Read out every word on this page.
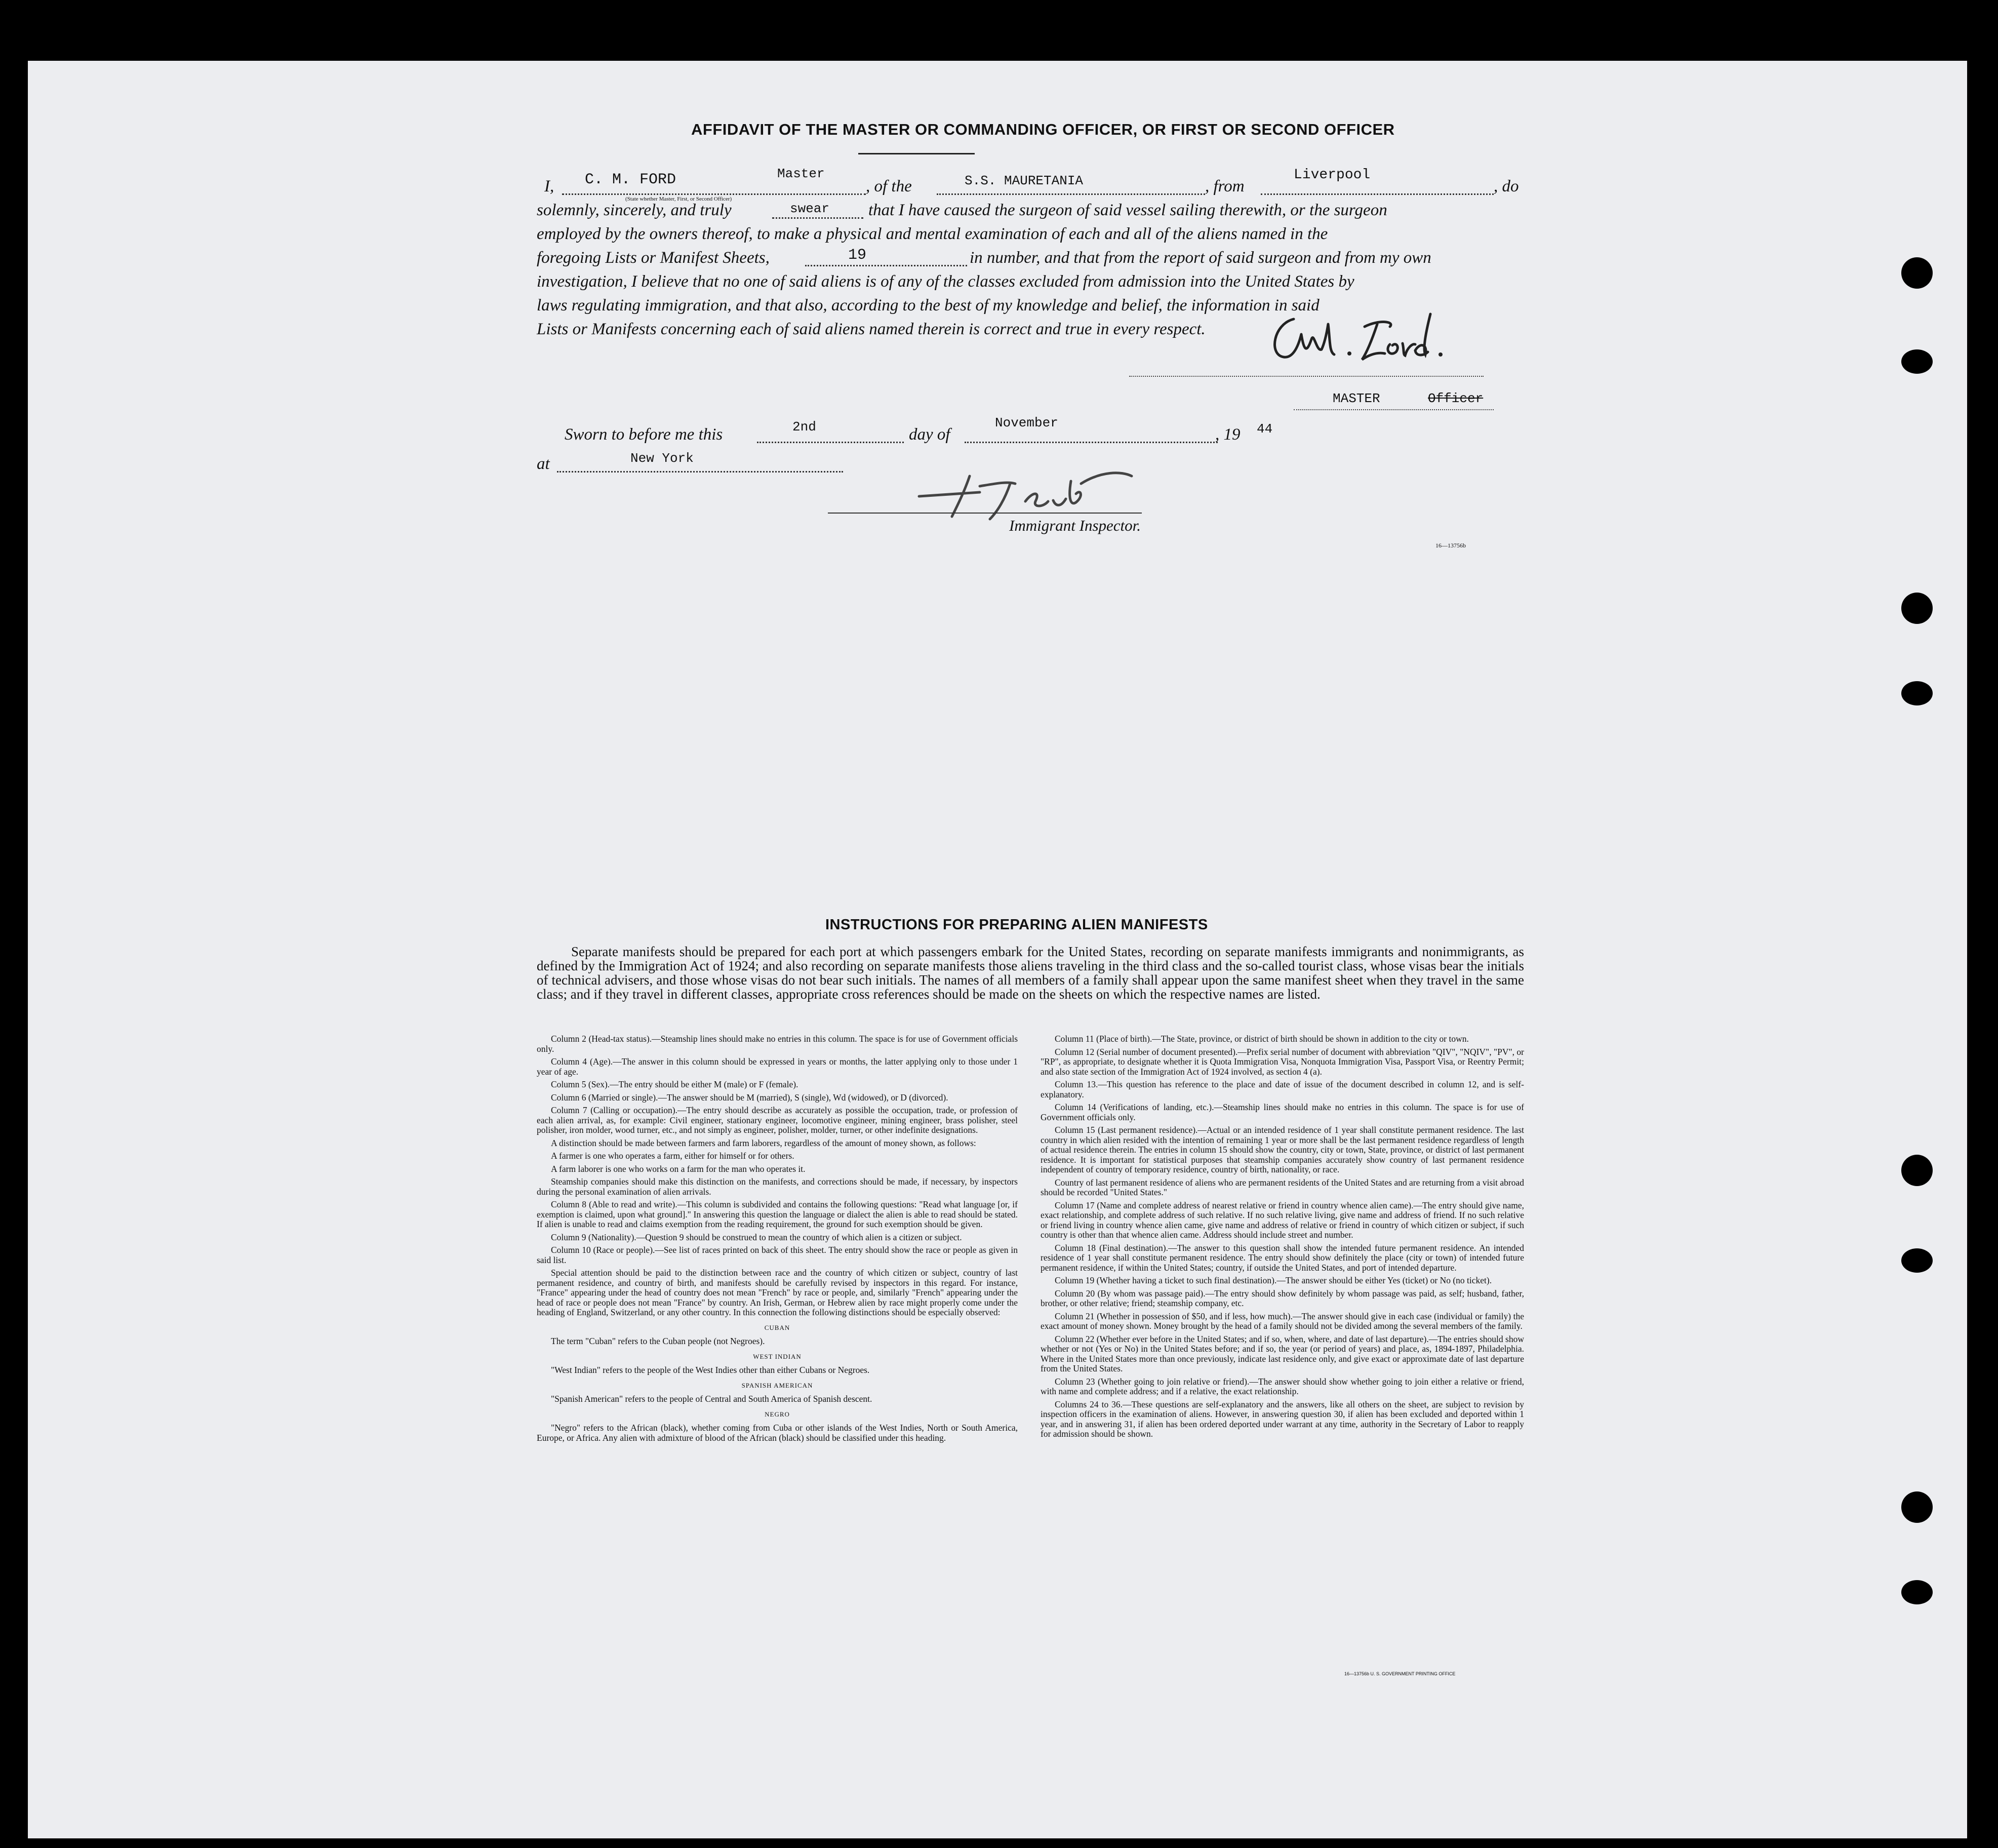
AFFIDAVIT OF THE MASTER OR COMMANDING OFFICER, OR FIRST OR SECOND OFFICER
I, C. M. FORD	Master
(State whether Master, First, or Second Officer)
, of the	S.S. MAURETANIA	, from
Liverpool
, do
solemnly, sincerely, and truly	swear that I have caused the surgeon of said vessel sailing therewith, or the surgeon
employed by the owners thereof, to make a physical and mental examination of each and all of the aliens named in the
foregoing Lists or Manifest Sheets,	19	in number, and that from the report of said surgeon and from my own
investigation, I believe that no one of said aliens is of any of the classes excluded from admission into the United States by
laws regulating immigration, and that also, according to the best of my knowledge and belief, the information in said
Lists or Manifests concerning each of said aliens named therein is correct and true in every respect.
MASTER	Officer
Sworn to before me this	2nd	day of
November
, 19 44
at	New York
Immigrant Inspector.
16—13756b
INSTRUCTIONS FOR PREPARING ALIEN MANIFESTS

Separate manifests should be prepared for each port at which passengers embark for the United States, recording on separate manifests immigrants and nonimmigrants, as defined by the Immigration Act of 1924; and also recording on separate manifests those aliens traveling in the third class and the so-called tourist class, whose visas bear the initials of technical advisers, and those whose visas do not bear such initials. The names of all members of a family shall appear upon the same manifest sheet when they travel in the same class; and if they travel in different classes, appropriate cross references should be made on the sheets on which the respective names are listed.

Column 2 (Head-tax status).—Steamship lines should make no entries in this column. The space is for use of Government officials only.

Column 4 (Age).—The answer in this column should be expressed in years or months, the latter applying only to those under 1 year of age.

Column 5 (Sex).—The entry should be either M (male) or F (female).

Column 6 (Married or single).—The answer should be M (married), S (single), Wd (widowed), or D (divorced).

Column 7 (Calling or occupation).—The entry should describe as accurately as possible the occupation, trade, or profession of each alien arrival, as, for example: Civil engineer, stationary engineer, locomotive engineer, mining engineer, brass polisher, steel polisher, iron molder, wood turner, etc., and not simply as engineer, polisher, molder, turner, or other indefinite designations.

A distinction should be made between farmers and farm laborers, regardless of the amount of money shown, as follows:

A farmer is one who operates a farm, either for himself or for others.

A farm laborer is one who works on a farm for the man who operates it.

Steamship companies should make this distinction on the manifests, and corrections should be made, if necessary, by inspectors during the personal examination of alien arrivals.

Column 8 (Able to read and write).—This column is subdivided and contains the following questions: "Read what language [or, if exemption is claimed, upon what ground]." In answering this question the language or dialect the alien is able to read should be stated. If alien is unable to read and claims exemption from the reading requirement, the ground for such exemption should be given.

Column 9 (Nationality).—Question 9 should be construed to mean the country of which alien is a citizen or subject.

Column 10 (Race or people).—See list of races printed on back of this sheet. The entry should show the race or people as given in said list.

Special attention should be paid to the distinction between race and the country of which citizen or subject, country of last permanent residence, and country of birth, and manifests should be carefully revised by inspectors in this regard. For instance, "France" appearing under the head of country does not mean "French" by race or people, and, similarly "French" appearing under the head of race or people does not mean "France" by country. An Irish, German, or Hebrew alien by race might properly come under the heading of England, Switzerland, or any other country. In this connection the following distinctions should be especially observed:

CUBAN

The term "Cuban" refers to the Cuban people (not Negroes).

WEST INDIAN

"West Indian" refers to the people of the West Indies other than either Cubans or Negroes.

SPANISH AMERICAN

"Spanish American" refers to the people of Central and South America of Spanish descent.

NEGRO

"Negro" refers to the African (black), whether coming from Cuba or other islands of the West Indies, North or South America, Europe, or Africa. Any alien with admixture of blood of the African (black) should be classified under this heading.

Column 11 (Place of birth).—The State, province, or district of birth should be shown in addition to the city or town.

Column 12 (Serial number of document presented).—Prefix serial number of document with abbreviation "QIV", "NQIV", "PV", or "RP", as appropriate, to designate whether it is Quota Immigration Visa, Nonquota Immigration Visa, Passport Visa, or Reentry Permit; and also state section of the Immigration Act of 1924 involved, as section 4 (a).

Column 13.—This question has reference to the place and date of issue of the document described in column 12, and is self-explanatory.

Column 14 (Verifications of landing, etc.).—Steamship lines should make no entries in this column. The space is for use of Government officials only.

Column 15 (Last permanent residence).—Actual or an intended residence of 1 year shall constitute permanent residence. The last country in which alien resided with the intention of remaining 1 year or more shall be the last permanent residence regardless of length of actual residence therein. The entries in column 15 should show the country, city or town, State, province, or district of last permanent residence. It is important for statistical purposes that steamship companies accurately show country of last permanent residence independent of country of temporary residence, country of birth, nationality, or race.

Country of last permanent residence of aliens who are permanent residents of the United States and are returning from a visit abroad should be recorded "United States."

Column 17 (Name and complete address of nearest relative or friend in country whence alien came).—The entry should give name, exact relationship, and complete address of such relative. If no such relative living, give name and address of friend. If no such relative or friend living in country whence alien came, give name and address of relative or friend in country of which citizen or subject, if such country is other than that whence alien came. Address should include street and number.

Column 18 (Final destination).—The answer to this question shall show the intended future permanent residence. An intended residence of 1 year shall constitute permanent residence. The entry should show definitely the place (city or town) of intended future permanent residence, if within the United States; country, if outside the United States, and port of intended departure.

Column 19 (Whether having a ticket to such final destination).—The answer should be either Yes (ticket) or No (no ticket).

Column 20 (By whom was passage paid).—The entry should show definitely by whom passage was paid, as self; husband, father, brother, or other relative; friend; steamship company, etc.

Column 21 (Whether in possession of $50, and if less, how much).—The answer should give in each case (individual or family) the exact amount of money shown. Money brought by the head of a family should not be divided among the several members of the family.

Column 22 (Whether ever before in the United States; and if so, when, where, and date of last departure).—The entries should show whether or not (Yes or No) in the United States before; and if so, the year (or period of years) and place, as, 1894-1897, Philadelphia. Where in the United States more than once previously, indicate last residence only, and give exact or approximate date of last departure from the United States.

Column 23 (Whether going to join relative or friend).—The answer should show whether going to join either a relative or friend, with name and complete address; and if a relative, the exact relationship.

Columns 24 to 36.—These questions are self-explanatory and the answers, like all others on the sheet, are subject to revision by inspection officers in the examination of aliens. However, in answering question 30, if alien has been excluded and deported within 1 year, and in answering 31, if alien has been ordered deported under warrant at any time, authority in the Secretary of Labor to reapply for admission should be shown.

16—13756b U. S. GOVERNMENT PRINTING OFFICE
